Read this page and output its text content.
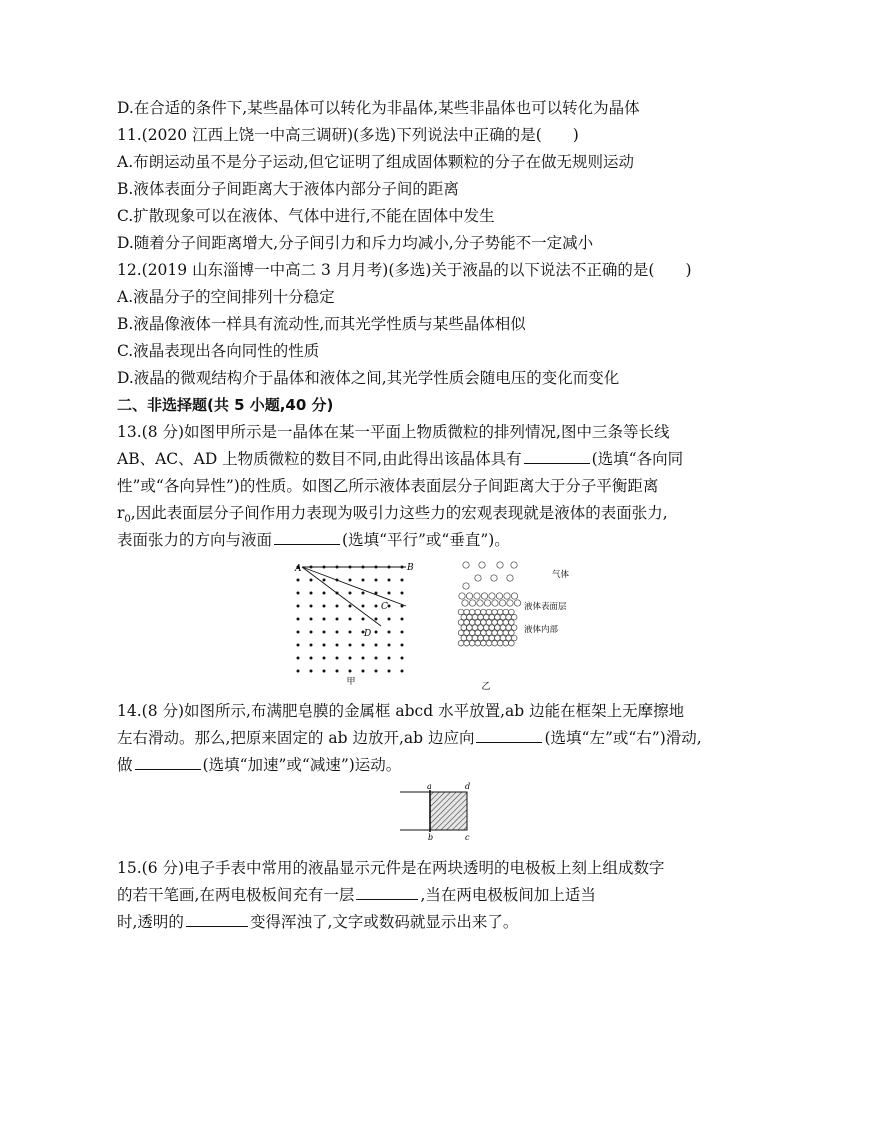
D.在合适的条件下,某些晶体可以转化为非晶体,某些非晶体也可以转化为晶体
11.(2020 江西上饶一中高三调研)(多选)下列说法中正确的是(　　)
A.布朗运动虽不是分子运动,但它证明了组成固体颗粒的分子在做无规则运动
B.液体表面分子间距离大于液体内部分子间的距离
C.扩散现象可以在液体、气体中进行,不能在固体中发生
D.随着分子间距离增大,分子间引力和斥力均减小,分子势能不一定减小
12.(2019 山东淄博一中高二 3 月月考)(多选)关于液晶的以下说法不正确的是(　　)
A.液晶分子的空间排列十分稳定
B.液晶像液体一样具有流动性,而其光学性质与某些晶体相似
C.液晶表现出各向同性的性质
D.液晶的微观结构介于晶体和液体之间,其光学性质会随电压的变化而变化
二、非选择题(共 5 小题,40 分)
13.(8 分)如图甲所示是一晶体在某一平面上物质微粒的排列情况,图中三条等长线
AB、AC、AD 上物质微粒的数目不同,由此得出该晶体具有	(选填“各向同
性”或“各向异性”)的性质。如图乙所示液体表面层分子间距离大于分子平衡距离
$r_0$,因此表面层分子间作用力表现为吸引力这些力的宏观表现就是液体的表面张力,
表面张力的方向与液面	(选填“平行”或“垂直”)。
A	B
C
D
甲
气体
液体表面层
液体内部
乙
14.(8 分)如图所示,布满肥皂膜的金属框 abcd 水平放置,ab 边能在框架上无摩擦地
左右滑动。那么,把原来固定的 ab 边放开,ab 边应向	(选填“左”或“右”)滑动,
做	(选填“加速”或“减速”)运动。
a	d
b	c
15.(6 分)电子手表中常用的液晶显示元件是在两块透明的电极板上刻上组成数字
的若干笔画,在两电极板间充有一层	,当在两电极板间加上适当
时,透明的	变得浑浊了,文字或数码就显示出来了。
